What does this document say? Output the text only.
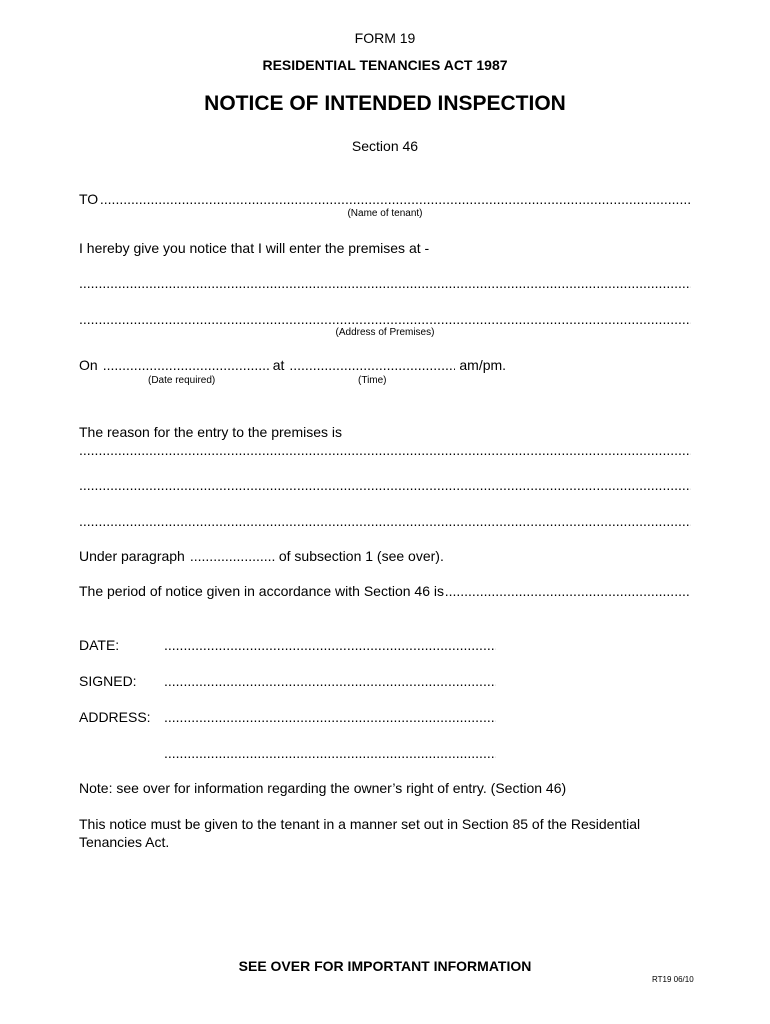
FORM 19
RESIDENTIAL TENANCIES ACT 1987
NOTICE OF INTENDED INSPECTION
Section 46
TO
.....
(Name of tenant)
I hereby give you notice that I will enter the premises at -
.....
.....
(Address of Premises)
On .....	at .....	am/pm.
(Date required)	(Time)
The reason for the entry to the premises is
.....
.....
.....
Under paragraph .....	of subsection 1 (see over).
The period of notice given in accordance with Section 46 is
.....
DATE:
.....
SIGNED:
.....
ADDRESS:
.....
.....
Note: see over for information regarding the owner’s right of entry. (Section 46)
This notice must be given to the tenant in a manner set out in Section 85 of the Residential
Tenancies Act.
SEE OVER FOR IMPORTANT INFORMATION
RT19 06/10
